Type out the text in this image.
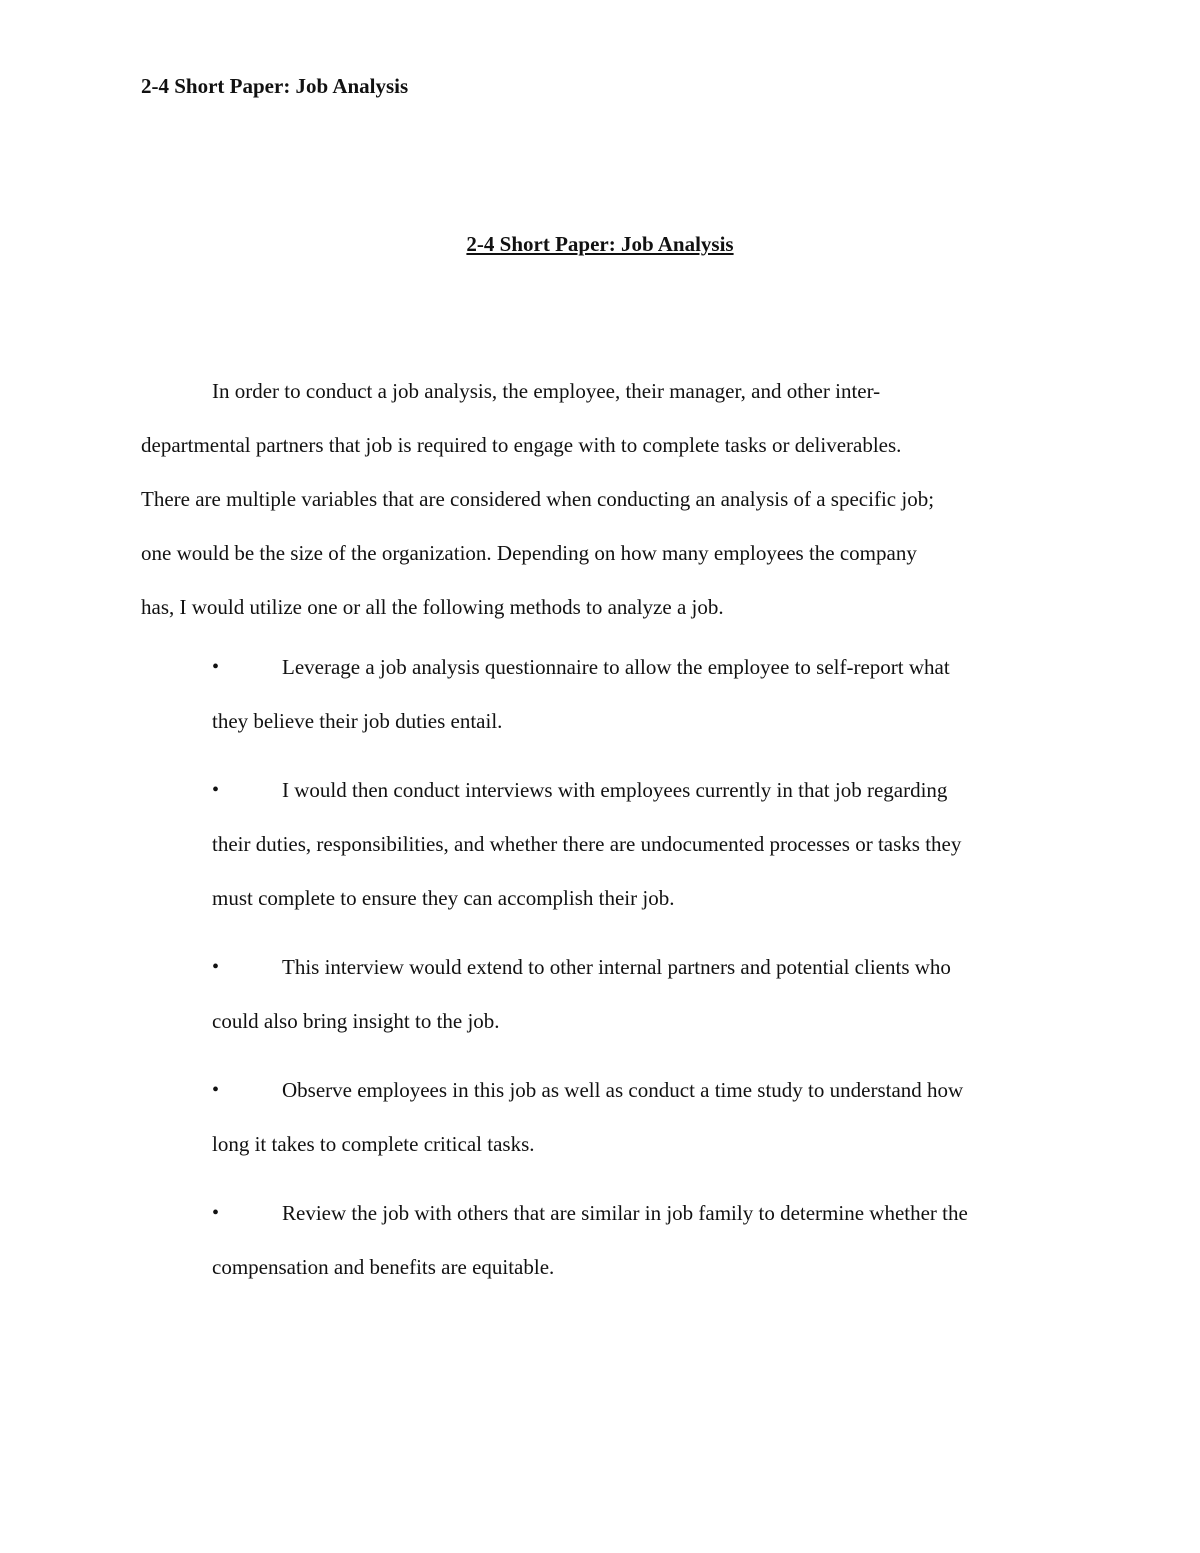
2-4 Short Paper: Job Analysis

2-4 Short Paper: Job Analysis

In order to conduct a job analysis, the employee, their manager, and other inter-
departmental partners that job is required to engage with to complete tasks or deliverables.
There are multiple variables that are considered when conducting an analysis of a specific job;
one would be the size of the organization. Depending on how many employees the company
has, I would utilize one or all the following methods to analyze a job.

•	Leverage a job analysis questionnaire to allow the employee to self-report what
they believe their job duties entail.
•	I would then conduct interviews with employees currently in that job regarding
their duties, responsibilities, and whether there are undocumented processes or tasks they
must complete to ensure they can accomplish their job.
•	This interview would extend to other internal partners and potential clients who
could also bring insight to the job.
•	Observe employees in this job as well as conduct a time study to understand how
long it takes to complete critical tasks.
•	Review the job with others that are similar in job family to determine whether the
compensation and benefits are equitable.
